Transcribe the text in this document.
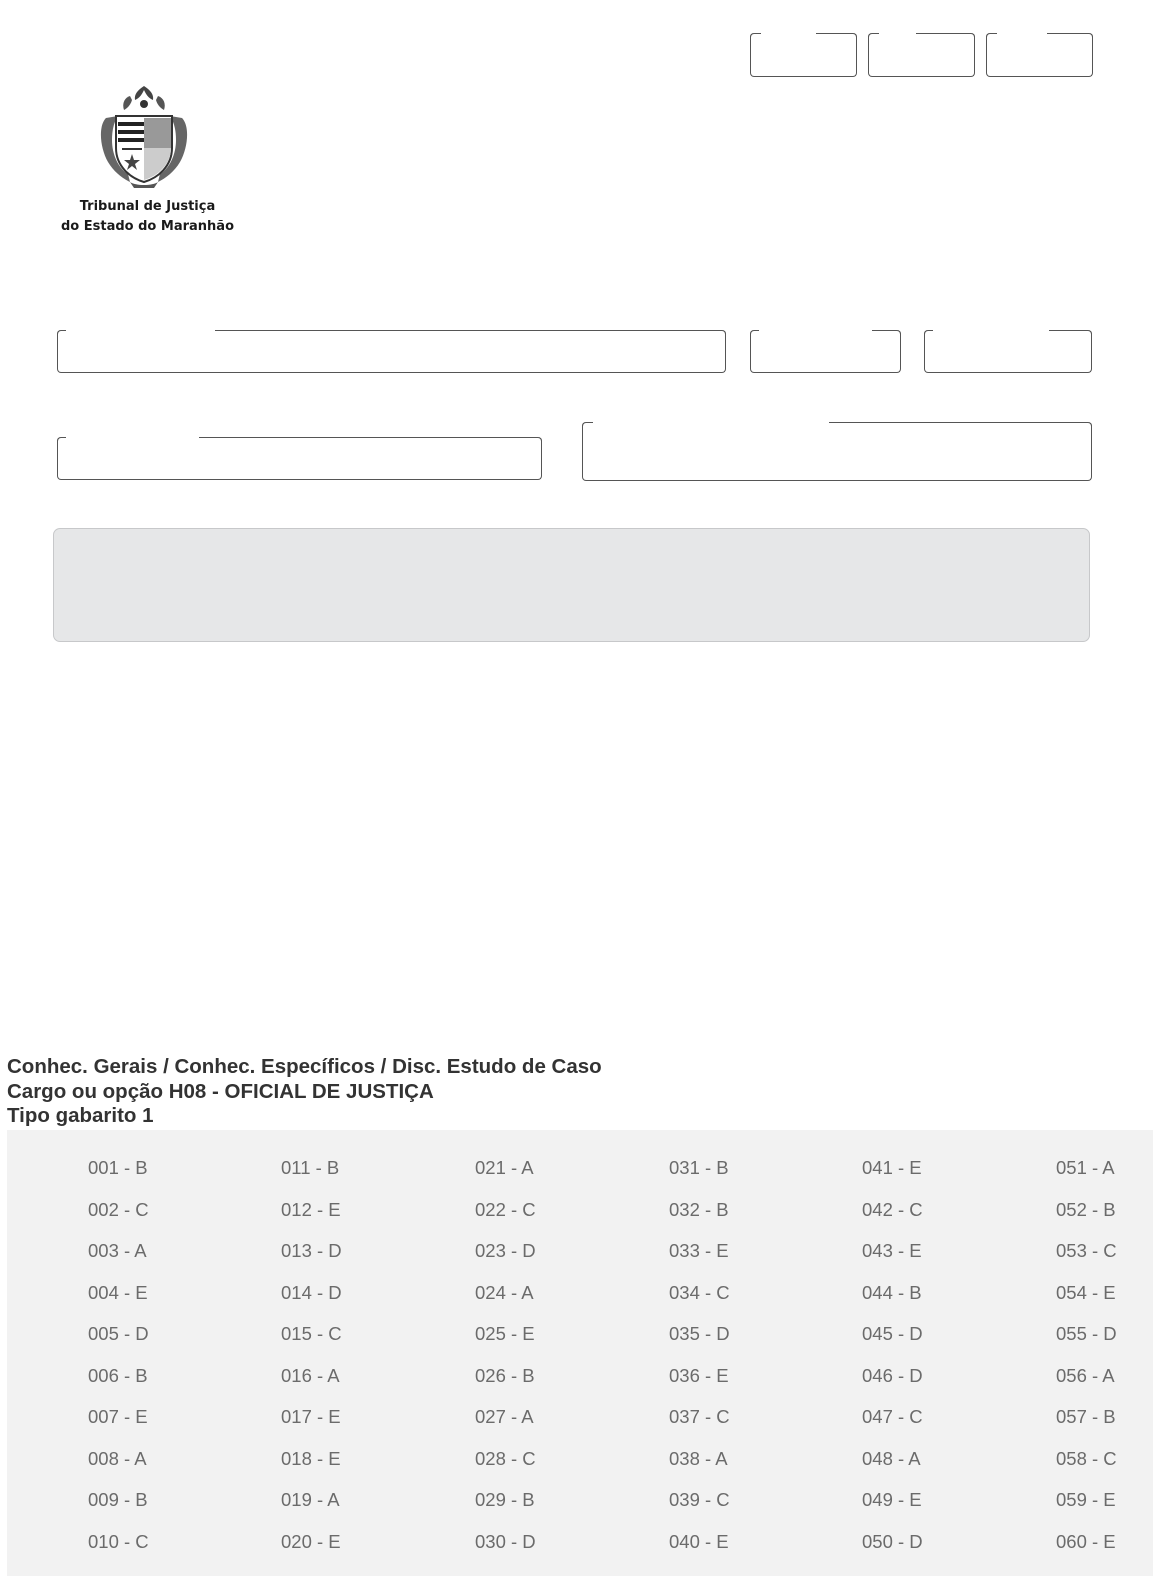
Tribunal de Justiça
do Estado do Maranhão
Conhec. Gerais / Conhec. Específicos / Disc. Estudo de Caso
Cargo ou opção H08 - OFICIAL DE JUSTIÇA
Tipo gabarito 1
001 - B
002 - C
003 - A
004 - E
005 - D
006 - B
007 - E
008 - A
009 - B
010 - C
011 - B
012 - E
013 - D
014 - D
015 - C
016 - A
017 - E
018 - E
019 - A
020 - E
021 - A
022 - C
023 - D
024 - A
025 - E
026 - B
027 - A
028 - C
029 - B
030 - D
031 - B
032 - B
033 - E
034 - C
035 - D
036 - E
037 - C
038 - A
039 - C
040 - E
041 - E
042 - C
043 - E
044 - B
045 - D
046 - D
047 - C
048 - A
049 - E
050 - D
051 - A
052 - B
053 - C
054 - E
055 - D
056 - A
057 - B
058 - C
059 - E
060 - E
